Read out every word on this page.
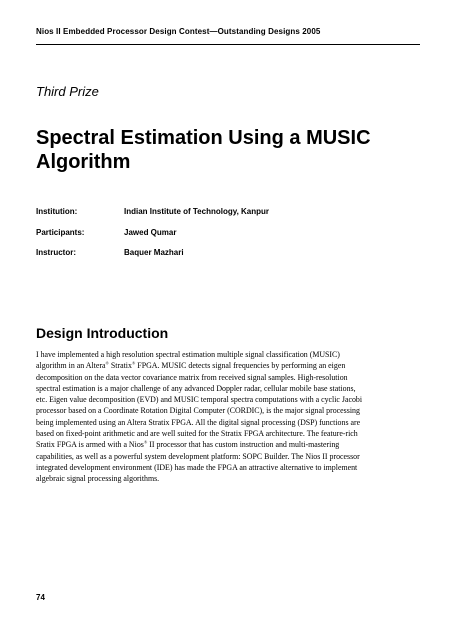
Nios II Embedded Processor Design Contest—Outstanding Designs 2005
Third Prize
Spectral Estimation Using a MUSIC
Algorithm
Institution:	Indian Institute of Technology, Kanpur
Participants:	Jawed Qumar
Instructor:	Baquer Mazhari
Design Introduction
I have implemented a high resolution spectral estimation multiple signal classification (MUSIC)
algorithm in an Altera® Stratix® FPGA. MUSIC detects signal frequencies by performing an eigen
decomposition on the data vector covariance matrix from received signal samples. High-resolution
spectral estimation is a major challenge of any advanced Doppler radar, cellular mobile base stations,
etc. Eigen value decomposition (EVD) and MUSIC temporal spectra computations with a cyclic Jacobi
processor based on a Coordinate Rotation Digital Computer (CORDIC), is the major signal processing
being implemented using an Altera Stratix FPGA. All the digital signal processing (DSP) functions are
based on fixed-point arithmetic and are well suited for the Stratix FPGA architecture. The feature-rich
Sratix FPGA is armed with a Nios® II processor that has custom instruction and multi-mastering
capabilities, as well as a powerful system development platform: SOPC Builder. The Nios II processor
integrated development environment (IDE) has made the FPGA an attractive alternative to implement
algebraic signal processing algorithms.
74
